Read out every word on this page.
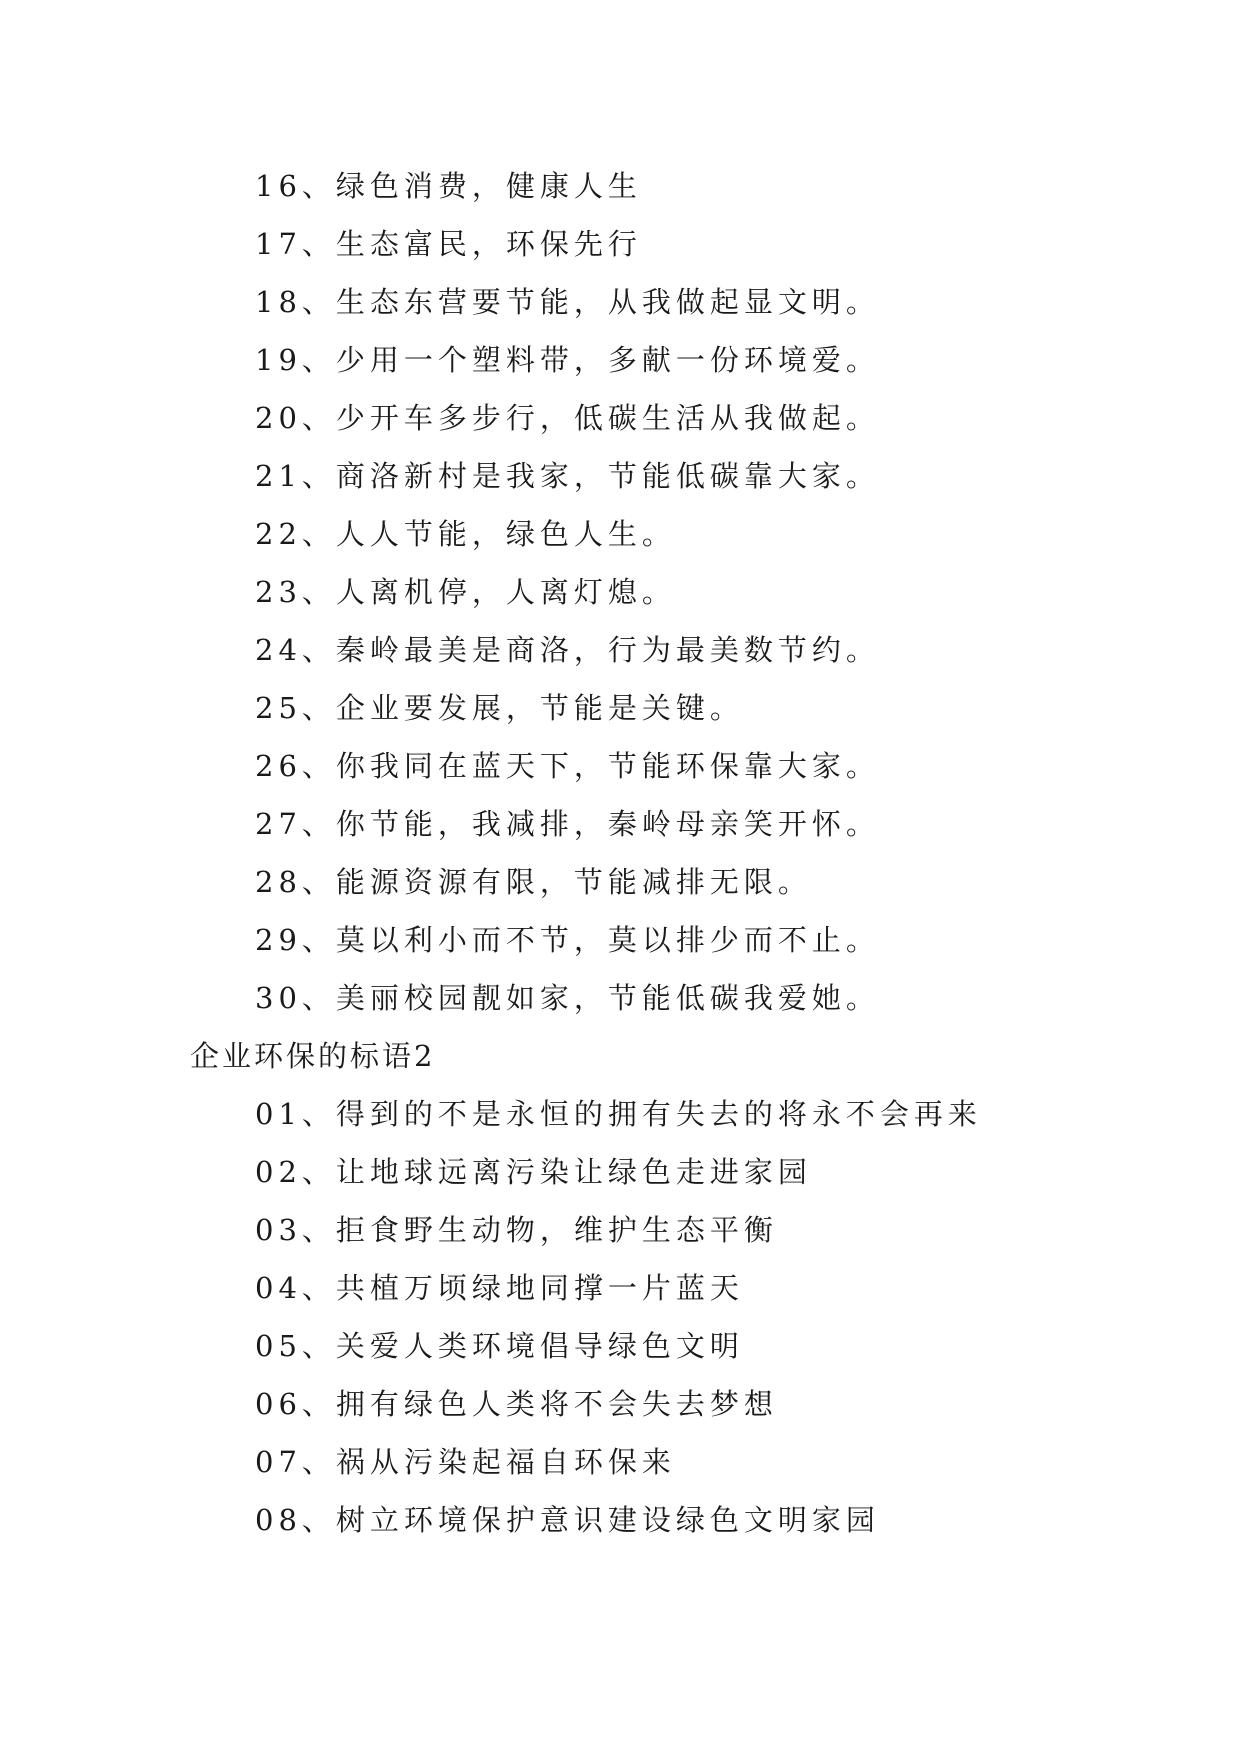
16、绿色消费，健康人生
17、生态富民，环保先行
18、生态东营要节能，从我做起显文明。
19、少用一个塑料带，多献一份环境爱。
20、少开车多步行，低碳生活从我做起。
21、商洛新村是我家，节能低碳靠大家。
22、人人节能，绿色人生。
23、人离机停，人离灯熄。
24、秦岭最美是商洛，行为最美数节约。
25、企业要发展，节能是关键。
26、你我同在蓝天下，节能环保靠大家。
27、你节能，我减排，秦岭母亲笑开怀。
28、能源资源有限，节能减排无限。
29、莫以利小而不节，莫以排少而不止。
30、美丽校园靓如家，节能低碳我爱她。
企业环保的标语2
01、得到的不是永恒的拥有失去的将永不会再来
02、让地球远离污染让绿色走进家园
03、拒食野生动物，维护生态平衡
04、共植万顷绿地同撑一片蓝天
05、关爱人类环境倡导绿色文明
06、拥有绿色人类将不会失去梦想
07、祸从污染起福自环保来
08、树立环境保护意识建设绿色文明家园
